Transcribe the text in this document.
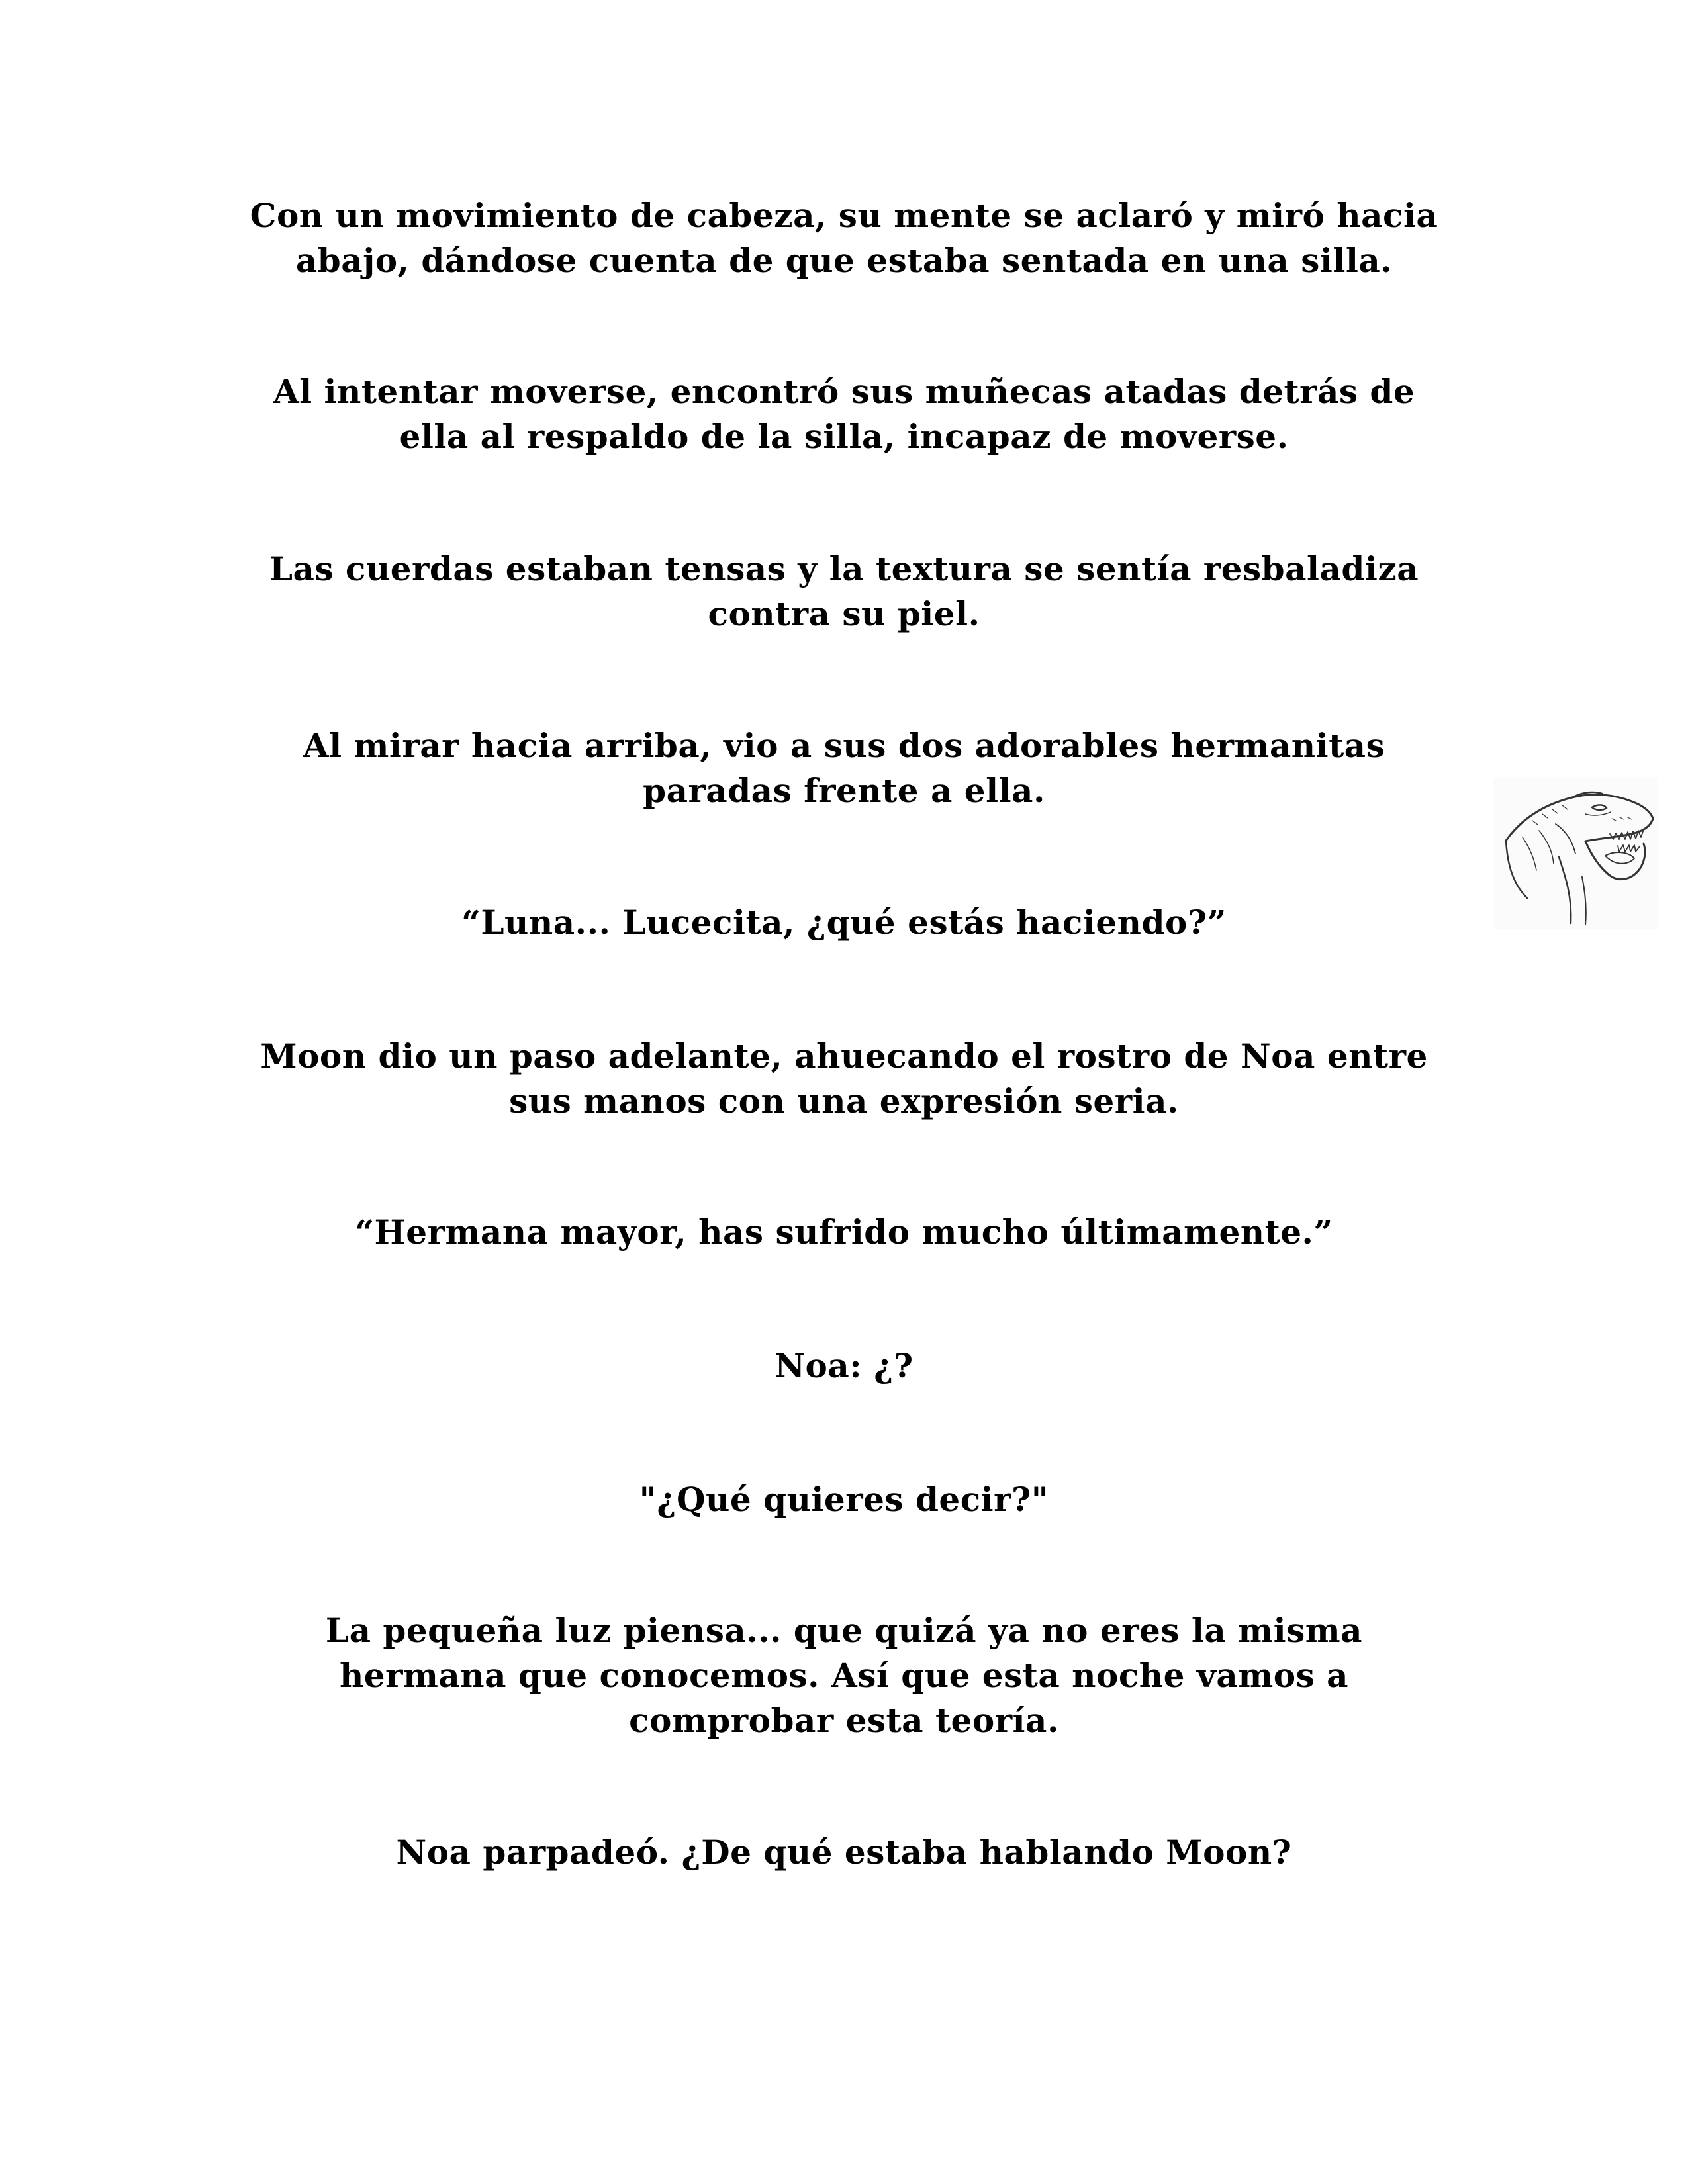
Con un movimiento de cabeza, su mente se aclaró y miró hacia
abajo, dándose cuenta de que estaba sentada en una silla.

Al intentar moverse, encontró sus muñecas atadas detrás de
ella al respaldo de la silla, incapaz de moverse.

Las cuerdas estaban tensas y la textura se sentía resbaladiza
contra su piel.

Al mirar hacia arriba, vio a sus dos adorables hermanitas
paradas frente a ella.

“Luna... Lucecita, ¿qué estás haciendo?”

Moon dio un paso adelante, ahuecando el rostro de Noa entre
sus manos con una expresión seria.

“Hermana mayor, has sufrido mucho últimamente.”

Noa: ¿?

"¿Qué quieres decir?"

La pequeña luz piensa... que quizá ya no eres la misma
hermana que conocemos. Así que esta noche vamos a
comprobar esta teoría.

Noa parpadeó. ¿De qué estaba hablando Moon?
